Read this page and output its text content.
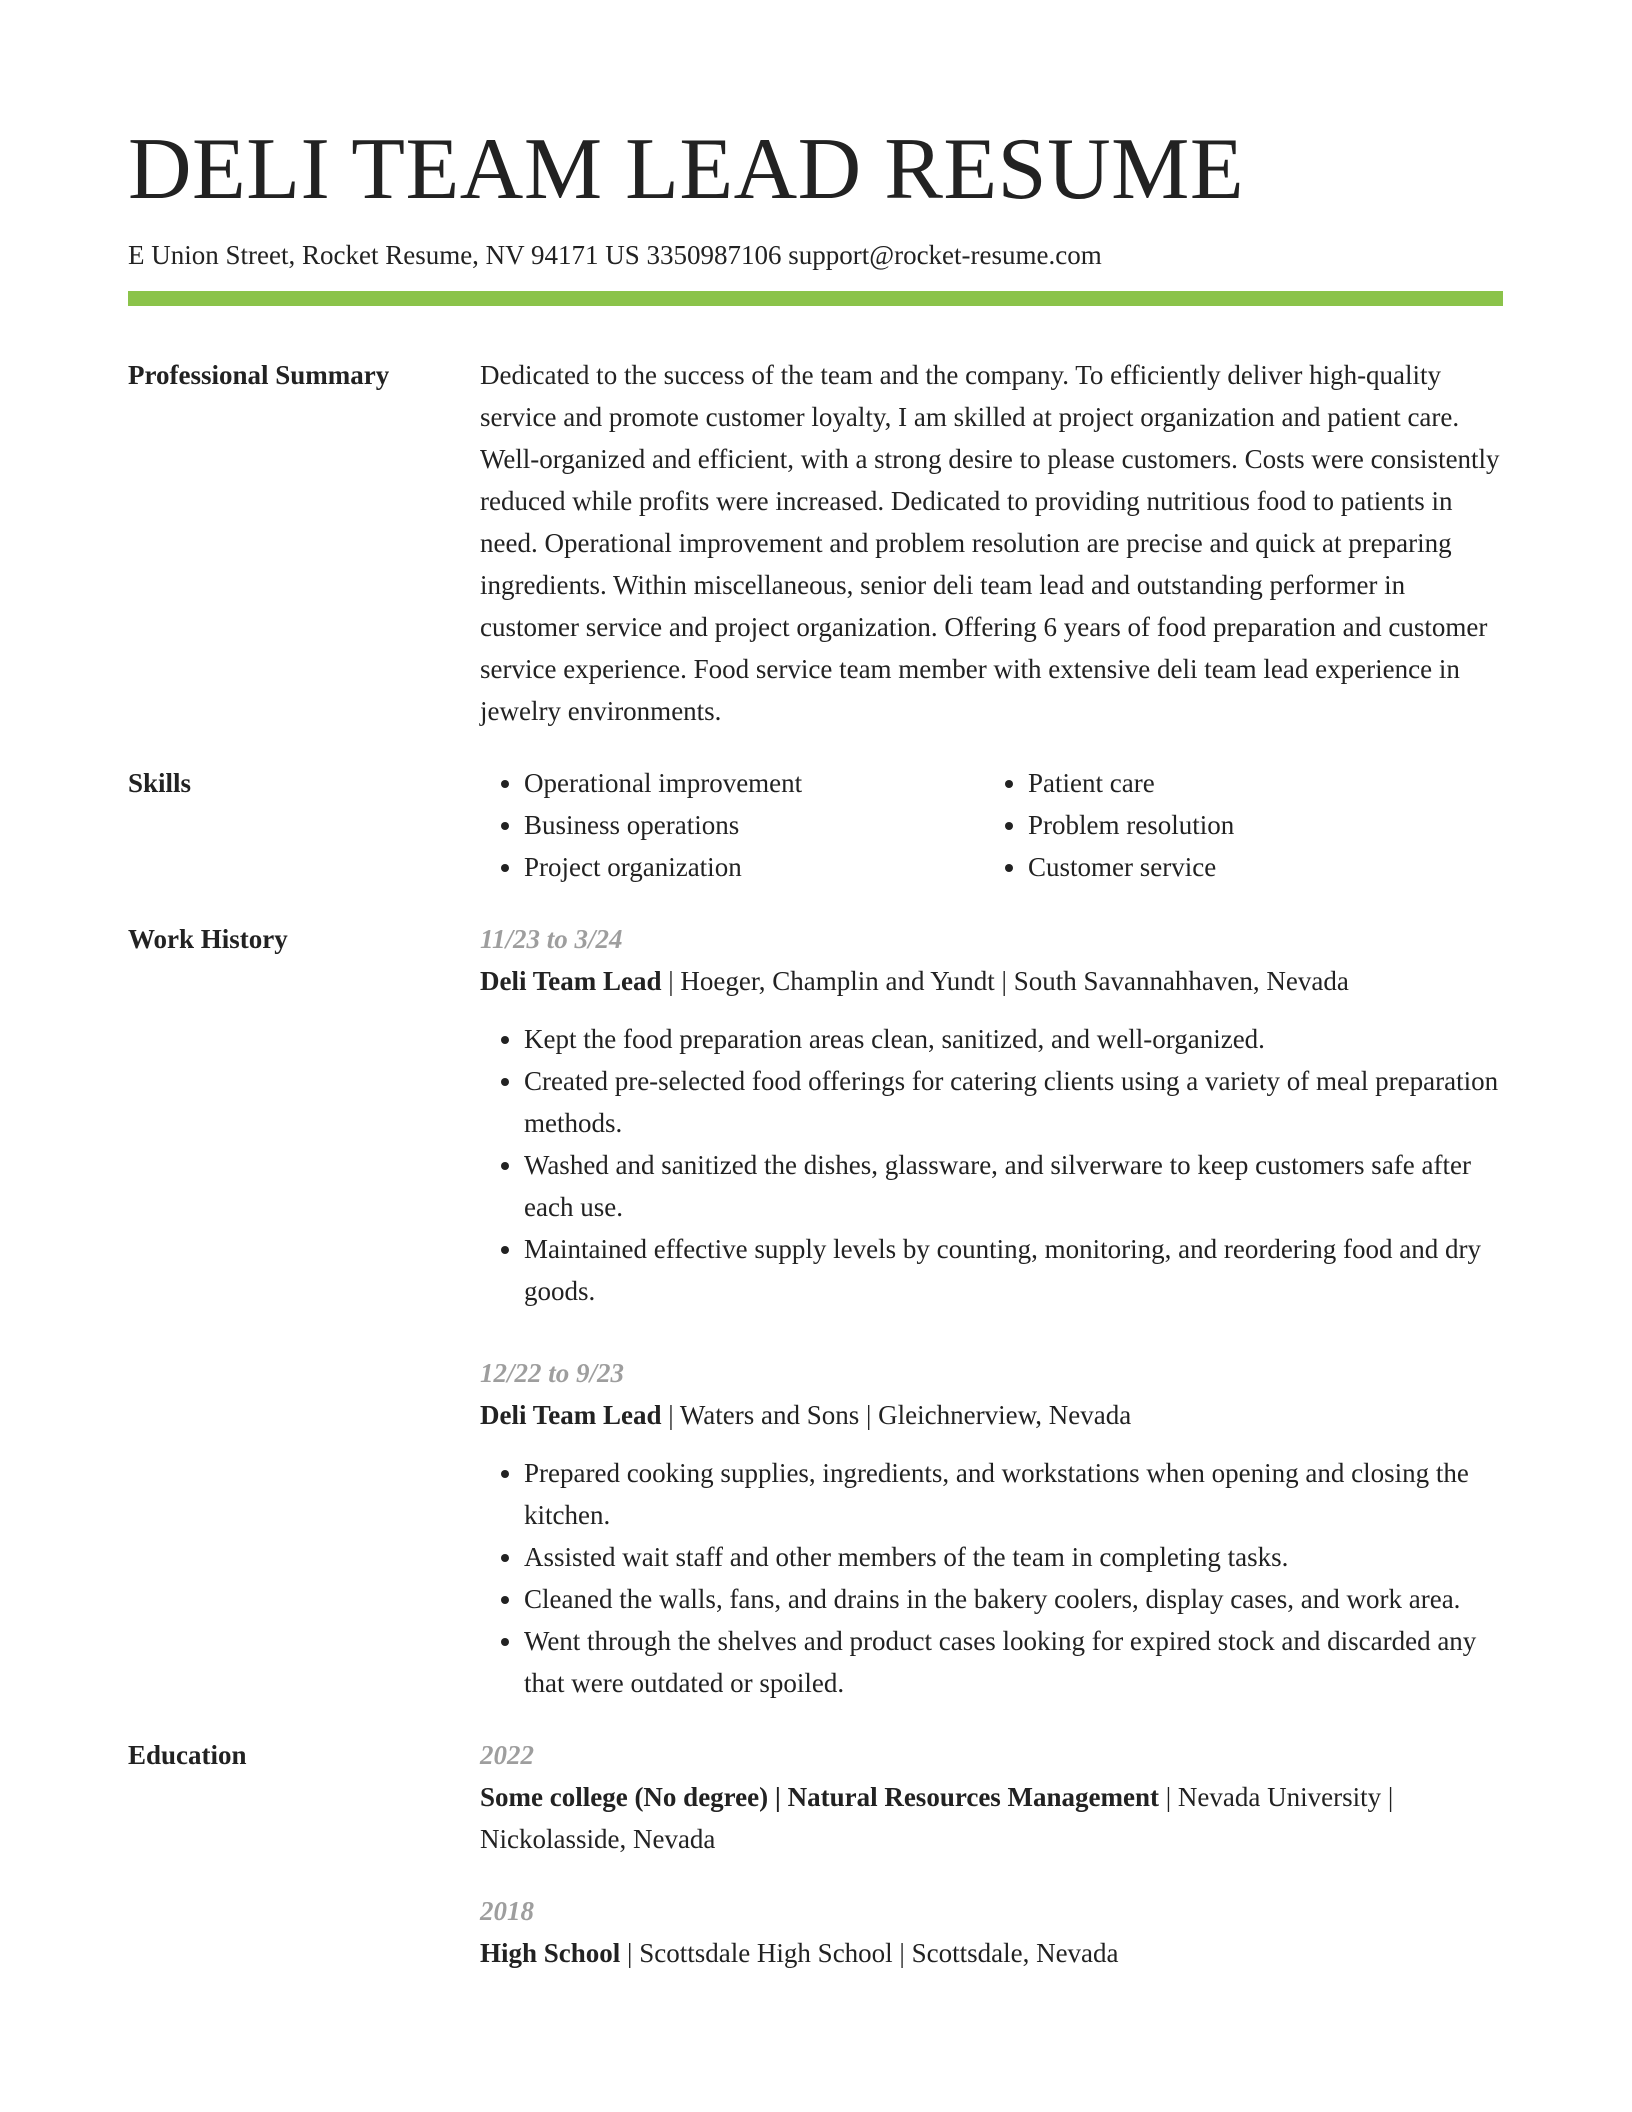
DELI TEAM LEAD RESUME
E Union Street, Rocket Resume, NV 94171 US 3350987106 support@rocket-resume.com
Professional Summary	Dedicated to the success of the team and the company. To efficiently deliver high-quality service and promote customer loyalty, I am skilled at project organization and patient care. Well-organized and efficient, with a strong desire to please customers. Costs were consistently reduced while profits were increased. Dedicated to providing nutritious food to patients in need. Operational improvement and problem resolution are precise and quick at preparing ingredients. Within miscellaneous, senior deli team lead and outstanding performer in customer service and project organization. Offering 6 years of food preparation and customer service experience. Food service team member with extensive deli team lead experience in jewelry environments.

Skills
•	Operational improvement
• Business operations
• Project organization
• Patient care
• Problem resolution
• Customer service
Work History	11/23 to 3/24
Deli Team Lead | Hoeger, Champlin and Yundt | South Savannahhaven, Nevada
• Kept the food preparation areas clean, sanitized, and well-organized.
• Created pre-selected food offerings for catering clients using a variety of meal preparation methods.
• Washed and sanitized the dishes, glassware, and silverware to keep customers safe after each use.
• Maintained effective supply levels by counting, monitoring, and reordering food and dry goods.
12/22 to 9/23
Deli Team Lead | Waters and Sons | Gleichnerview, Nevada
• Prepared cooking supplies, ingredients, and workstations when opening and closing the kitchen.
• Assisted wait staff and other members of the team in completing tasks.
• Cleaned the walls, fans, and drains in the bakery coolers, display cases, and work area.
• Went through the shelves and product cases looking for expired stock and discarded any that were outdated or spoiled.
Education	2022
Some college (No degree) | Natural Resources Management | Nevada University | Nickolasside, Nevada
2018
High School | Scottsdale High School | Scottsdale, Nevada
